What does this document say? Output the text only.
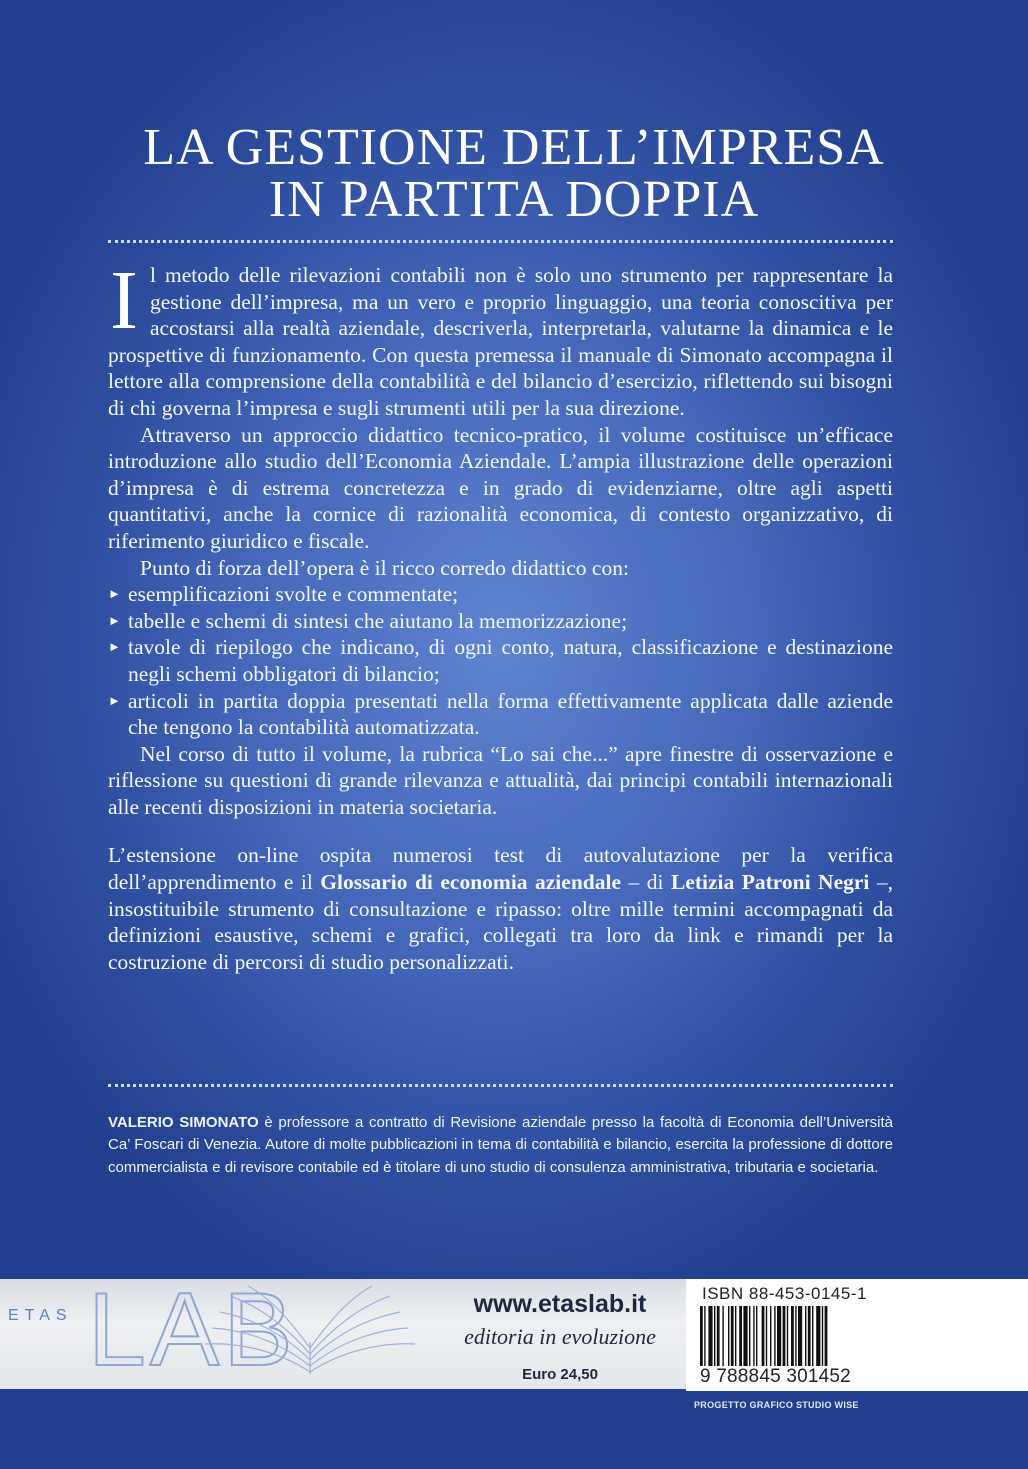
LA GESTIONE DELL’IMPRESA
IN PARTITA DOPPIA

Il metodo delle rilevazioni contabili non è solo uno strumento per rappresentare la gestione dell’impresa, ma un vero e proprio linguaggio, una teoria conoscitiva per accostarsi alla realtà aziendale, descriverla, interpretarla, valutarne la dinamica e le prospettive di funzionamento. Con questa premessa il manuale di Simonato accompagna il lettore alla comprensione della contabilità e del bilancio d’esercizio, riflettendo sui bisogni di chi governa l’impresa e sugli strumenti utili per la sua direzione.

Attraverso un approccio didattico tecnico-pratico, il volume costituisce un’efficace introduzione allo studio dell’Economia Aziendale. L’ampia illustrazione delle operazioni d’impresa è di estrema concretezza e in grado di evidenziarne, oltre agli aspetti quantitativi, anche la cornice di razionalità economica, di contesto organizzativo, di riferimento giuridico e fiscale.

Punto di forza dell’opera è il ricco corredo didattico con:

► esemplificazioni svolte e commentate;
► tabelle e schemi di sintesi che aiutano la memorizzazione;
► tavole di riepilogo che indicano, di ogni conto, natura, classificazione e destinazione negli schemi obbligatori di bilancio;
► articoli in partita doppia presentati nella forma effettivamente applicata dalle aziende che tengono la contabilità automatizzata.

Nel corso di tutto il volume, la rubrica “Lo sai che...” apre finestre di osservazione e riflessione su questioni di grande rilevanza e attualità, dai principi contabili internazionali alle recenti disposizioni in materia societaria.

L’estensione on-line ospita numerosi test di autovalutazione per la verifica dell’apprendimento e il Glossario di economia aziendale – di Letizia Patroni Negri –, insostituibile strumento di consultazione e ripasso: oltre mille termini accompagnati da definizioni esaustive, schemi e grafici, collegati tra loro da link e rimandi per la costruzione di percorsi di studio personalizzati.

VALERIO SIMONATO è professore a contratto di Revisione aziendale presso la facoltà di Economia dell’Università Ca’ Foscari di Venezia. Autore di molte pubblicazioni in tema di contabilità e bilancio, esercita la professione di dottore commercialista e di revisore contabile ed è titolare di uno studio di consulenza amministrativa, tributaria e societaria.
ETAS LAB	www.etaslab.it
editoria in evoluzione
Euro 24,50
ISBN 88-453-0145-1
9 788845 301452
PROGETTO GRAFICO STUDIO WISE
